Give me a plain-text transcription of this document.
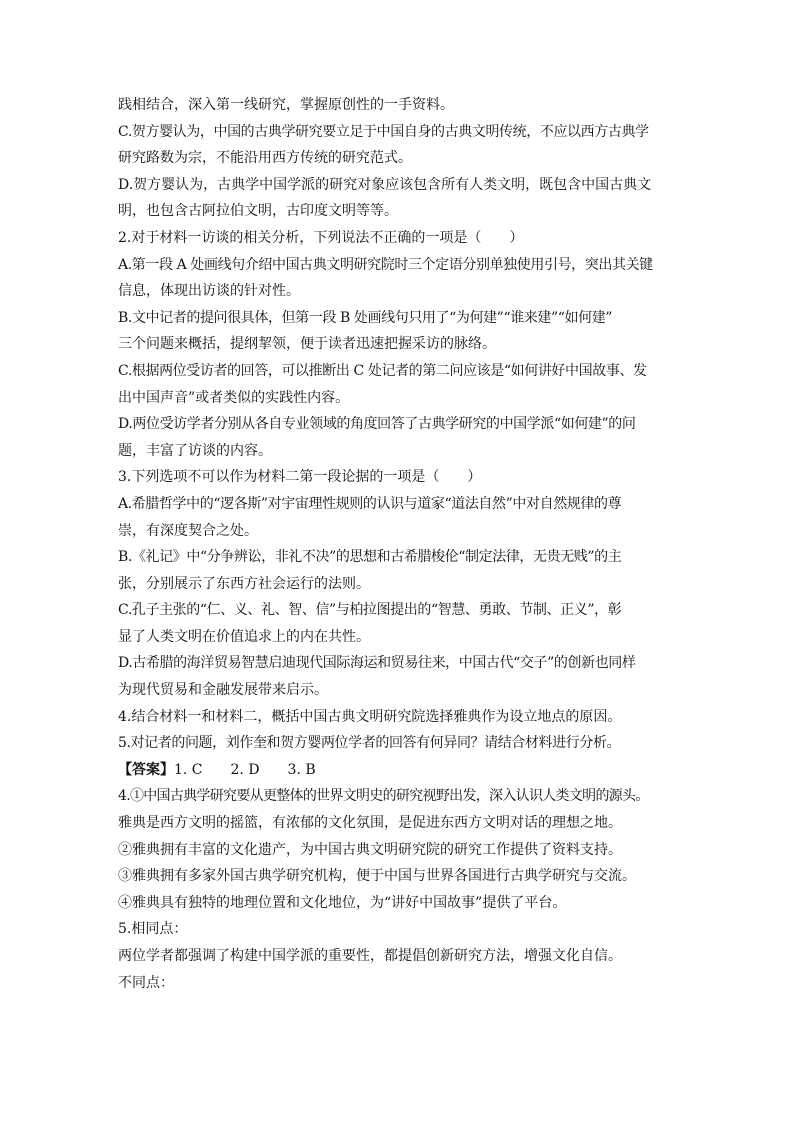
践相结合，深入第一线研究，掌握原创性的一手资料。
C.贺方婴认为，中国的古典学研究要立足于中国自身的古典文明传统，不应以西方古典学
研究路数为宗，不能沿用西方传统的研究范式。
D.贺方婴认为，古典学中国学派的研究对象应该包含所有人类文明，既包含中国古典文
明，也包含古阿拉伯文明，古印度文明等等。
2.对于材料一访谈的相关分析，下列说法不正确的一项是（　　）
A.第一段 A 处画线句介绍中国古典文明研究院时三个定语分别单独使用引号，突出其关键
信息，体现出访谈的针对性。
B.文中记者的提问很具体，但第一段 B 处画线句只用了“为何建”“谁来建”“如何建”
三个问题来概括，提纲挈领，便于读者迅速把握采访的脉络。
C.根据两位受访者的回答，可以推断出 C 处记者的第二问应该是“如何讲好中国故事、发
出中国声音”或者类似的实践性内容。
D.两位受访学者分别从各自专业领域的角度回答了古典学研究的中国学派“如何建”的问
题，丰富了访谈的内容。
3.下列选项不可以作为材料二第一段论据的一项是（　　）
A.希腊哲学中的“逻各斯”对宇宙理性规则的认识与道家“道法自然”中对自然规律的尊
崇，有深度契合之处。
B.《礼记》中“分争辨讼，非礼不决”的思想和古希腊梭伦“制定法律，无贵无贱”的主
张，分别展示了东西方社会运行的法则。
C.孔子主张的“仁、义、礼、智、信”与柏拉图提出的“智慧、勇敢、节制、正义”，彰
显了人类文明在价值追求上的内在共性。
D.古希腊的海洋贸易智慧启迪现代国际海运和贸易往来，中国古代“交子”的创新也同样
为现代贸易和金融发展带来启示。
4.结合材料一和材料二，概括中国古典文明研究院选择雅典作为设立地点的原因。
5.对记者的问题，刘作奎和贺方婴两位学者的回答有何异同？请结合材料进行分析。
【答案】1. C　　2. D　　3. B
4.①中国古典学研究要从更整体的世界文明史的研究视野出发，深入认识人类文明的源头。
雅典是西方文明的摇篮，有浓郁的文化氛围，是促进东西方文明对话的理想之地。
②雅典拥有丰富的文化遗产，为中国古典文明研究院的研究工作提供了资料支持。
③雅典拥有多家外国古典学研究机构，便于中国与世界各国进行古典学研究与交流。
④雅典具有独特的地理位置和文化地位，为“讲好中国故事”提供了平台。
5.相同点：
两位学者都强调了构建中国学派的重要性，都提倡创新研究方法，增强文化自信。
不同点：
